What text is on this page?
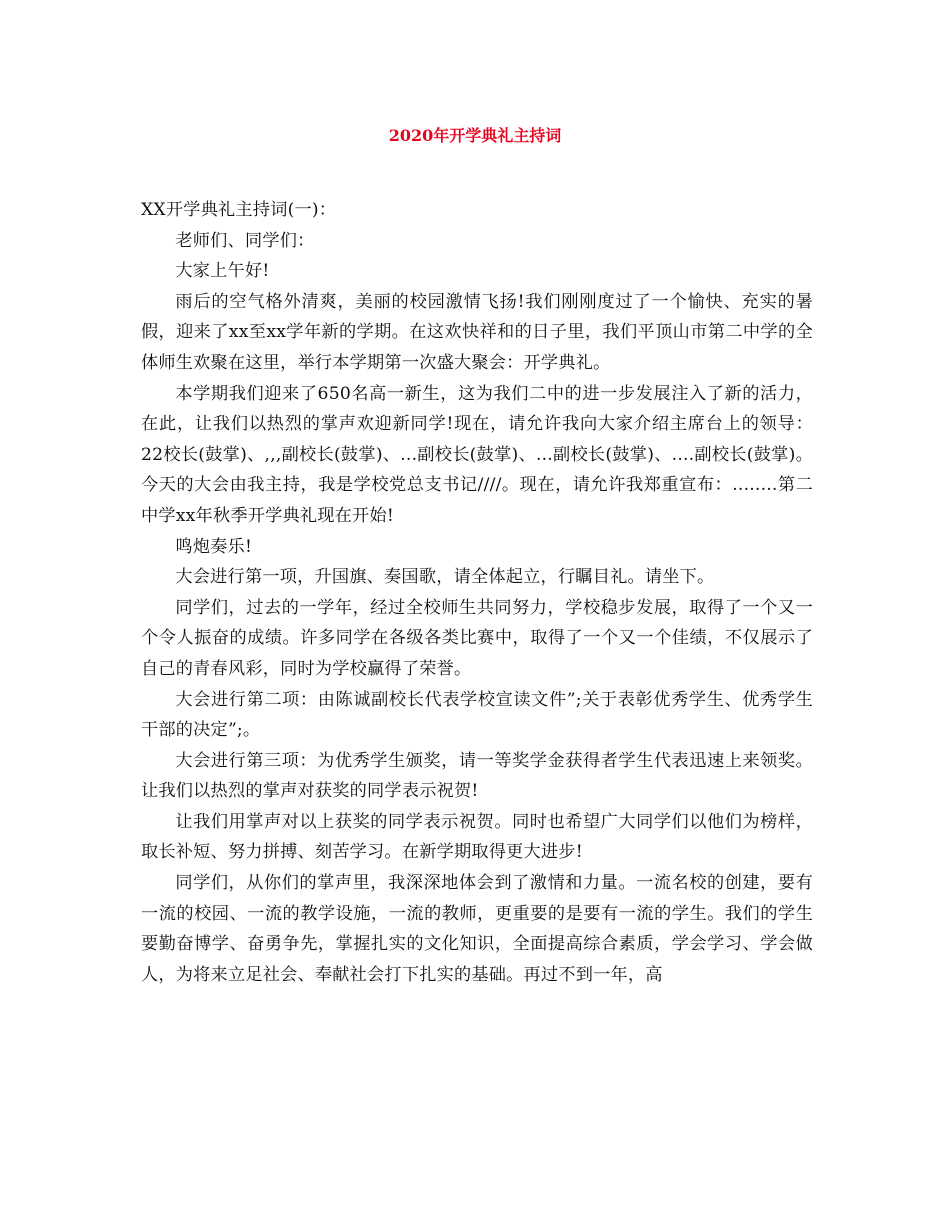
2020年开学典礼主持词

XX开学典礼主持词(一)：

老师们、同学们：

大家上午好!

雨后的空气格外清爽，美丽的校园激情飞扬!我们刚刚度过了一个愉快、充实的暑假，迎来了xx至xx学年新的学期。在这欢快祥和的日子里，我们平顶山市第二中学的全体师生欢聚在这里，举行本学期第一次盛大聚会：开学典礼。

本学期我们迎来了650名高一新生，这为我们二中的进一步发展注入了新的活力，在此，让我们以热烈的掌声欢迎新同学!现在，请允许我向大家介绍主席台上的领导：22校长(鼓掌)、,,,副校长(鼓掌)、...副校长(鼓掌)、...副校长(鼓掌)、....副校长(鼓掌)。今天的大会由我主持，我是学校党总支书记////。现在，请允许我郑重宣布：........第二中学xx年秋季开学典礼现在开始!

鸣炮奏乐!

大会进行第一项，升国旗、奏国歌，请全体起立，行瞩目礼。请坐下。

同学们，过去的一学年，经过全校师生共同努力，学校稳步发展，取得了一个又一个令人振奋的成绩。许多同学在各级各类比赛中，取得了一个又一个佳绩，不仅展示了自己的青春风彩，同时为学校赢得了荣誉。

大会进行第二项：由陈诚副校长代表学校宣读文件”;关于表彰优秀学生、优秀学生干部的决定”;。

大会进行第三项：为优秀学生颁奖，请一等奖学金获得者学生代表迅速上来领奖。让我们以热烈的掌声对获奖的同学表示祝贺!

让我们用掌声对以上获奖的同学表示祝贺。同时也希望广大同学们以他们为榜样，取长补短、努力拼搏、刻苦学习。在新学期取得更大进步!

同学们，从你们的掌声里，我深深地体会到了激情和力量。一流名校的创建，要有一流的校园、一流的教学设施，一流的教师，更重要的是要有一流的学生。我们的学生要勤奋博学、奋勇争先，掌握扎实的文化知识，全面提高综合素质，学会学习、学会做人，为将来立足社会、奉献社会打下扎实的基础。再过不到一年，高
